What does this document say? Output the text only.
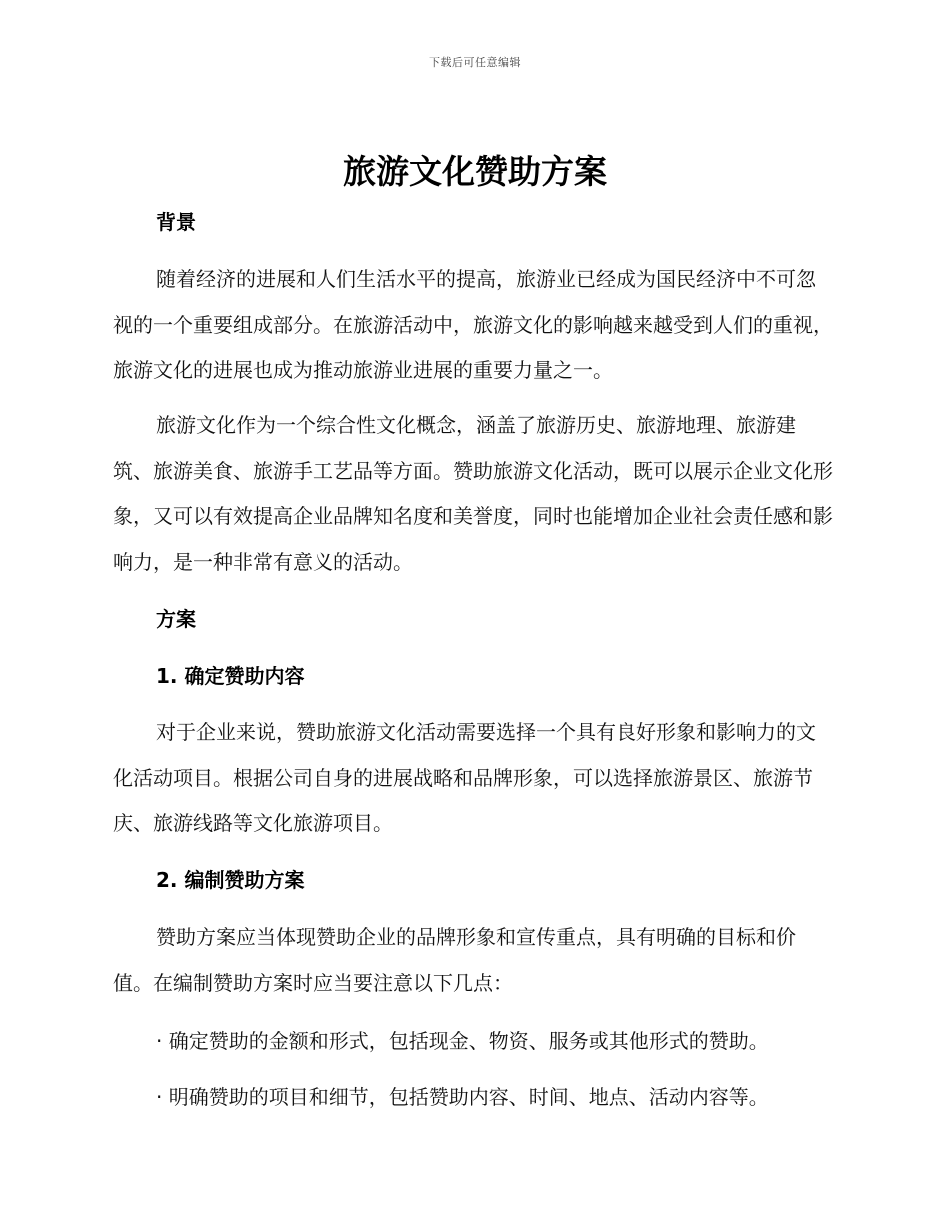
下载后可任意编辑
旅游文化赞助方案
背景

随着经济的进展和人们生活水平的提高，旅游业已经成为国民经济中不可忽视的一个重要组成部分。在旅游活动中，旅游文化的影响越来越受到人们的重视，旅游文化的进展也成为推动旅游业进展的重要力量之一。

旅游文化作为一个综合性文化概念，涵盖了旅游历史、旅游地理、旅游建筑、旅游美食、旅游手工艺品等方面。赞助旅游文化活动，既可以展示企业文化形象，又可以有效提高企业品牌知名度和美誉度，同时也能增加企业社会责任感和影响力，是一种非常有意义的活动。

方案
1. 确定赞助内容

对于企业来说，赞助旅游文化活动需要选择一个具有良好形象和影响力的文化活动项目。根据公司自身的进展战略和品牌形象，可以选择旅游景区、旅游节庆、旅游线路等文化旅游项目。

2. 编制赞助方案

赞助方案应当体现赞助企业的品牌形象和宣传重点，具有明确的目标和价值。在编制赞助方案时应当要注意以下几点：

· 确定赞助的金额和形式，包括现金、物资、服务或其他形式的赞助。

· 明确赞助的项目和细节，包括赞助内容、时间、地点、活动内容等。
